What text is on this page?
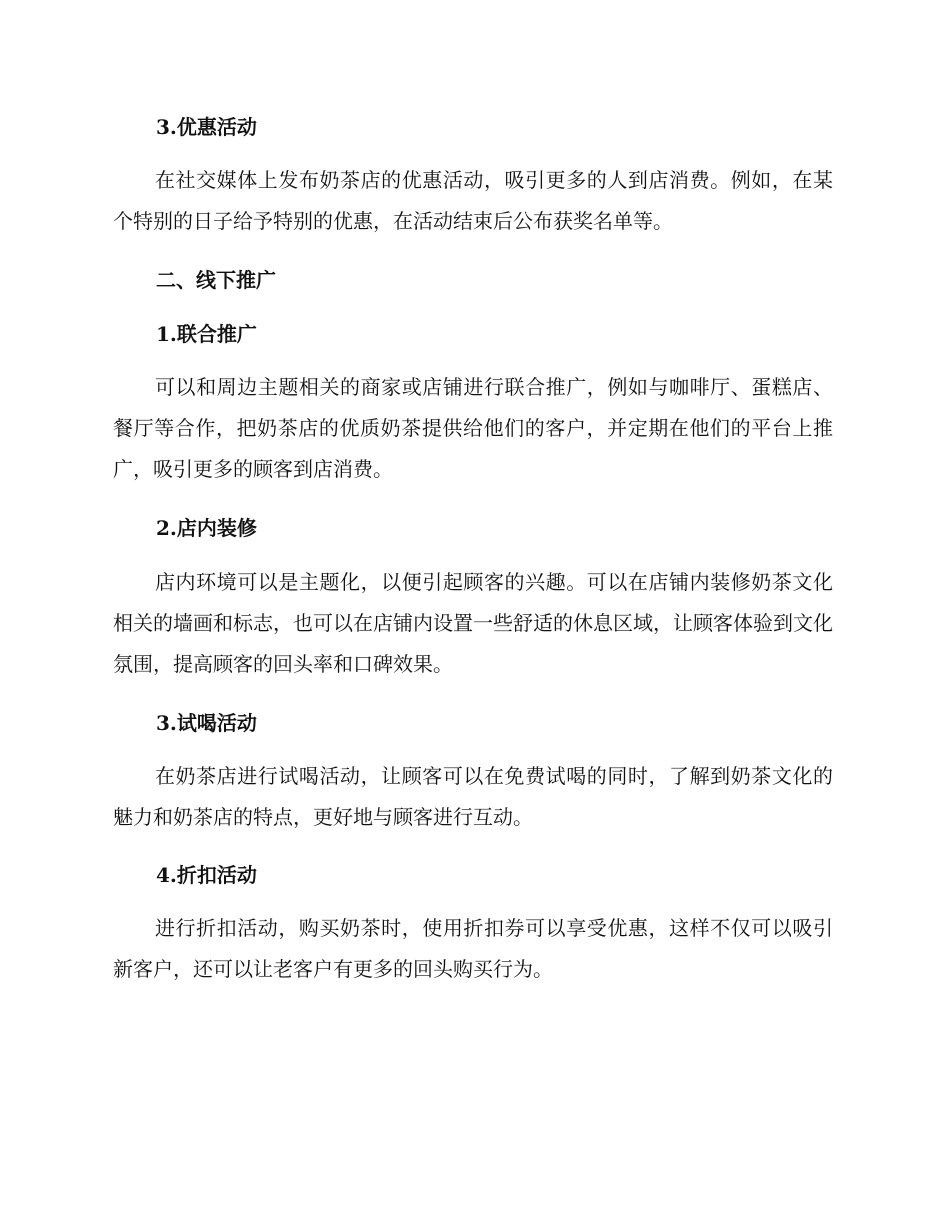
3.优惠活动
在社交媒体上发布奶茶店的优惠活动，吸引更多的人到店消费。例如，在某个特别的日子给予特别的优惠，在活动结束后公布获奖名单等。
二、线下推广
1.联合推广
可以和周边主题相关的商家或店铺进行联合推广，例如与咖啡厅、蛋糕店、餐厅等合作，把奶茶店的优质奶茶提供给他们的客户，并定期在他们的平台上推广，吸引更多的顾客到店消费。
2.店内装修
店内环境可以是主题化，以便引起顾客的兴趣。可以在店铺内装修奶茶文化相关的墙画和标志，也可以在店铺内设置一些舒适的休息区域，让顾客体验到文化氛围，提高顾客的回头率和口碑效果。
3.试喝活动
在奶茶店进行试喝活动，让顾客可以在免费试喝的同时，了解到奶茶文化的魅力和奶茶店的特点，更好地与顾客进行互动。
4.折扣活动
进行折扣活动，购买奶茶时，使用折扣券可以享受优惠，这样不仅可以吸引新客户，还可以让老客户有更多的回头购买行为。
